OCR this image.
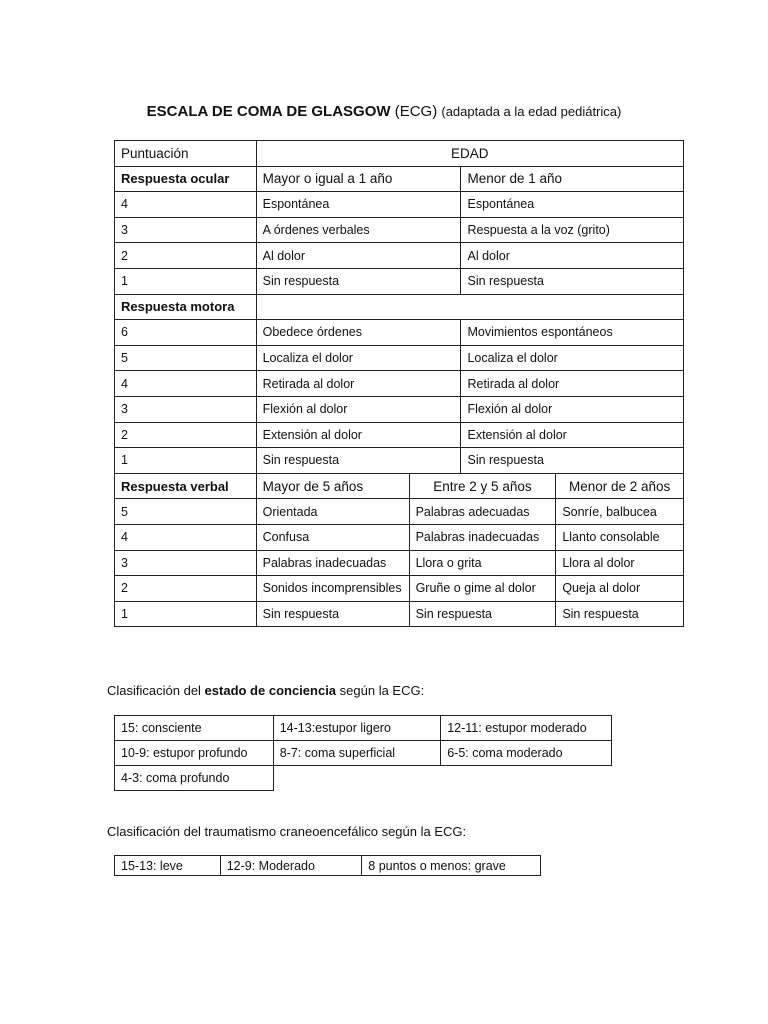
ESCALA DE COMA DE GLASGOW (ECG) (adaptada a la edad pediátrica)
Puntuación	EDAD			
Respuesta ocular	Mayor o igual a 1 año		Menor de 1 año	
4	Espontánea		Espontánea	
3	A órdenes verbales		Respuesta a la voz (grito)	
2	Al dolor		Al dolor	
1	Sin respuesta		Sin respuesta	
Respuesta motora				
6	Obedece órdenes		Movimientos espontáneos	
5	Localiza el dolor		Localiza el dolor	
4	Retirada al dolor		Retirada al dolor	
3	Flexión al dolor		Flexión al dolor	
2	Extensión al dolor		Extensión al dolor	
1	Sin respuesta		Sin respuesta	
Respuesta verbal	Mayor de 5 años	Entre 2 y 5 años		Menor de 2 años
5	Orientada	Palabras adecuadas		Sonríe, balbucea
4	Confusa	Palabras inadecuadas		Llanto consolable
3	Palabras inadecuadas	Llora o grita		Llora al dolor
2	Sonidos incomprensibles	Gruñe o gime al dolor		Queja al dolor
1	Sin respuesta	Sin respuesta		Sin respuesta
Clasificación del estado de conciencia según la ECG:
15: consciente	14-13:estupor ligero	12-11: estupor moderado
10-9: estupor profundo	8-7: coma superficial	6-5: coma moderado
4-3: coma profundo		
Clasificación del traumatismo craneoencefálico según la ECG:
15-13: leve	12-9: Moderado	8 puntos o menos: grave
